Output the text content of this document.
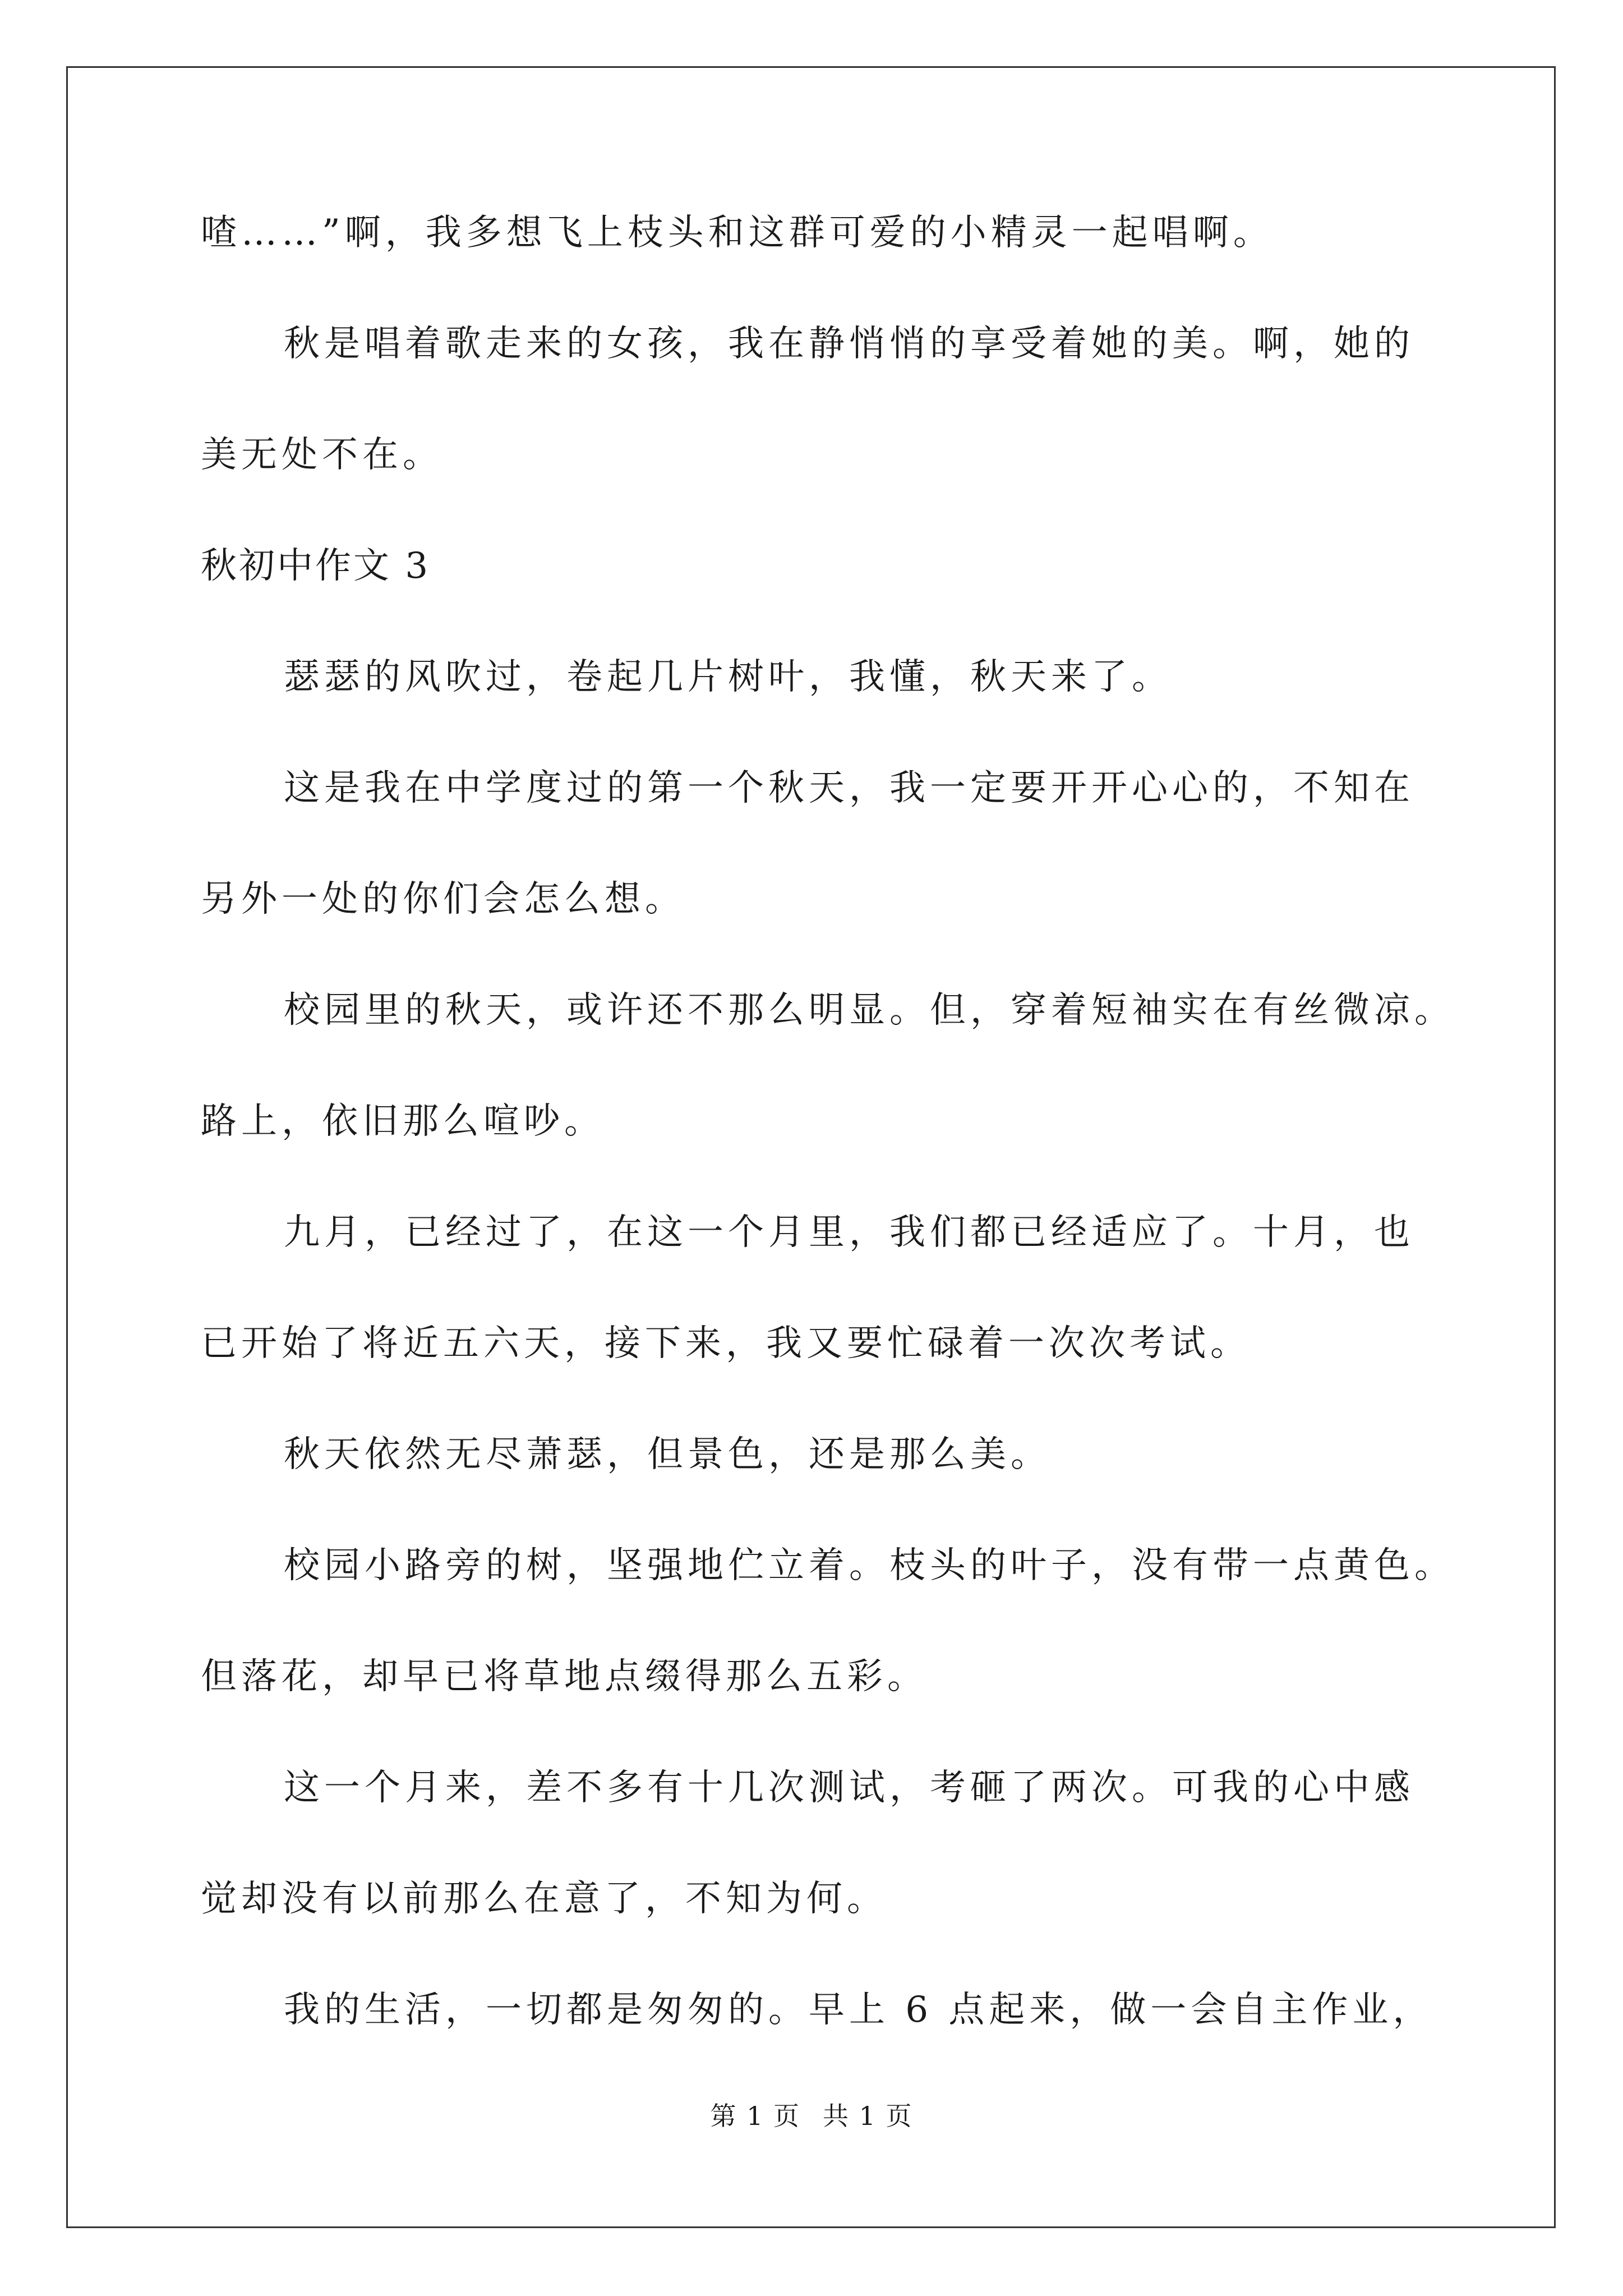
喳……”啊，我多想飞上枝头和这群可爱的小精灵一起唱啊。
秋是唱着歌走来的女孩，我在静悄悄的享受着她的美。啊，她的
美无处不在。
秋初中作文 3
瑟瑟的风吹过，卷起几片树叶，我懂，秋天来了。
这是我在中学度过的第一个秋天，我一定要开开心心的，不知在
另外一处的你们会怎么想。
校园里的秋天，或许还不那么明显。但，穿着短袖实在有丝微凉。
路上，依旧那么喧吵。
九月，已经过了，在这一个月里，我们都已经适应了。十月，也
已开始了将近五六天，接下来，我又要忙碌着一次次考试。
秋天依然无尽萧瑟，但景色，还是那么美。
校园小路旁的树，坚强地伫立着。枝头的叶子，没有带一点黄色。
但落花，却早已将草地点缀得那么五彩。
这一个月来，差不多有十几次测试，考砸了两次。可我的心中感
觉却没有以前那么在意了，不知为何。
我的生活，一切都是匆匆的。早上 6 点起来，做一会自主作业，
第 1 页 共 1 页
